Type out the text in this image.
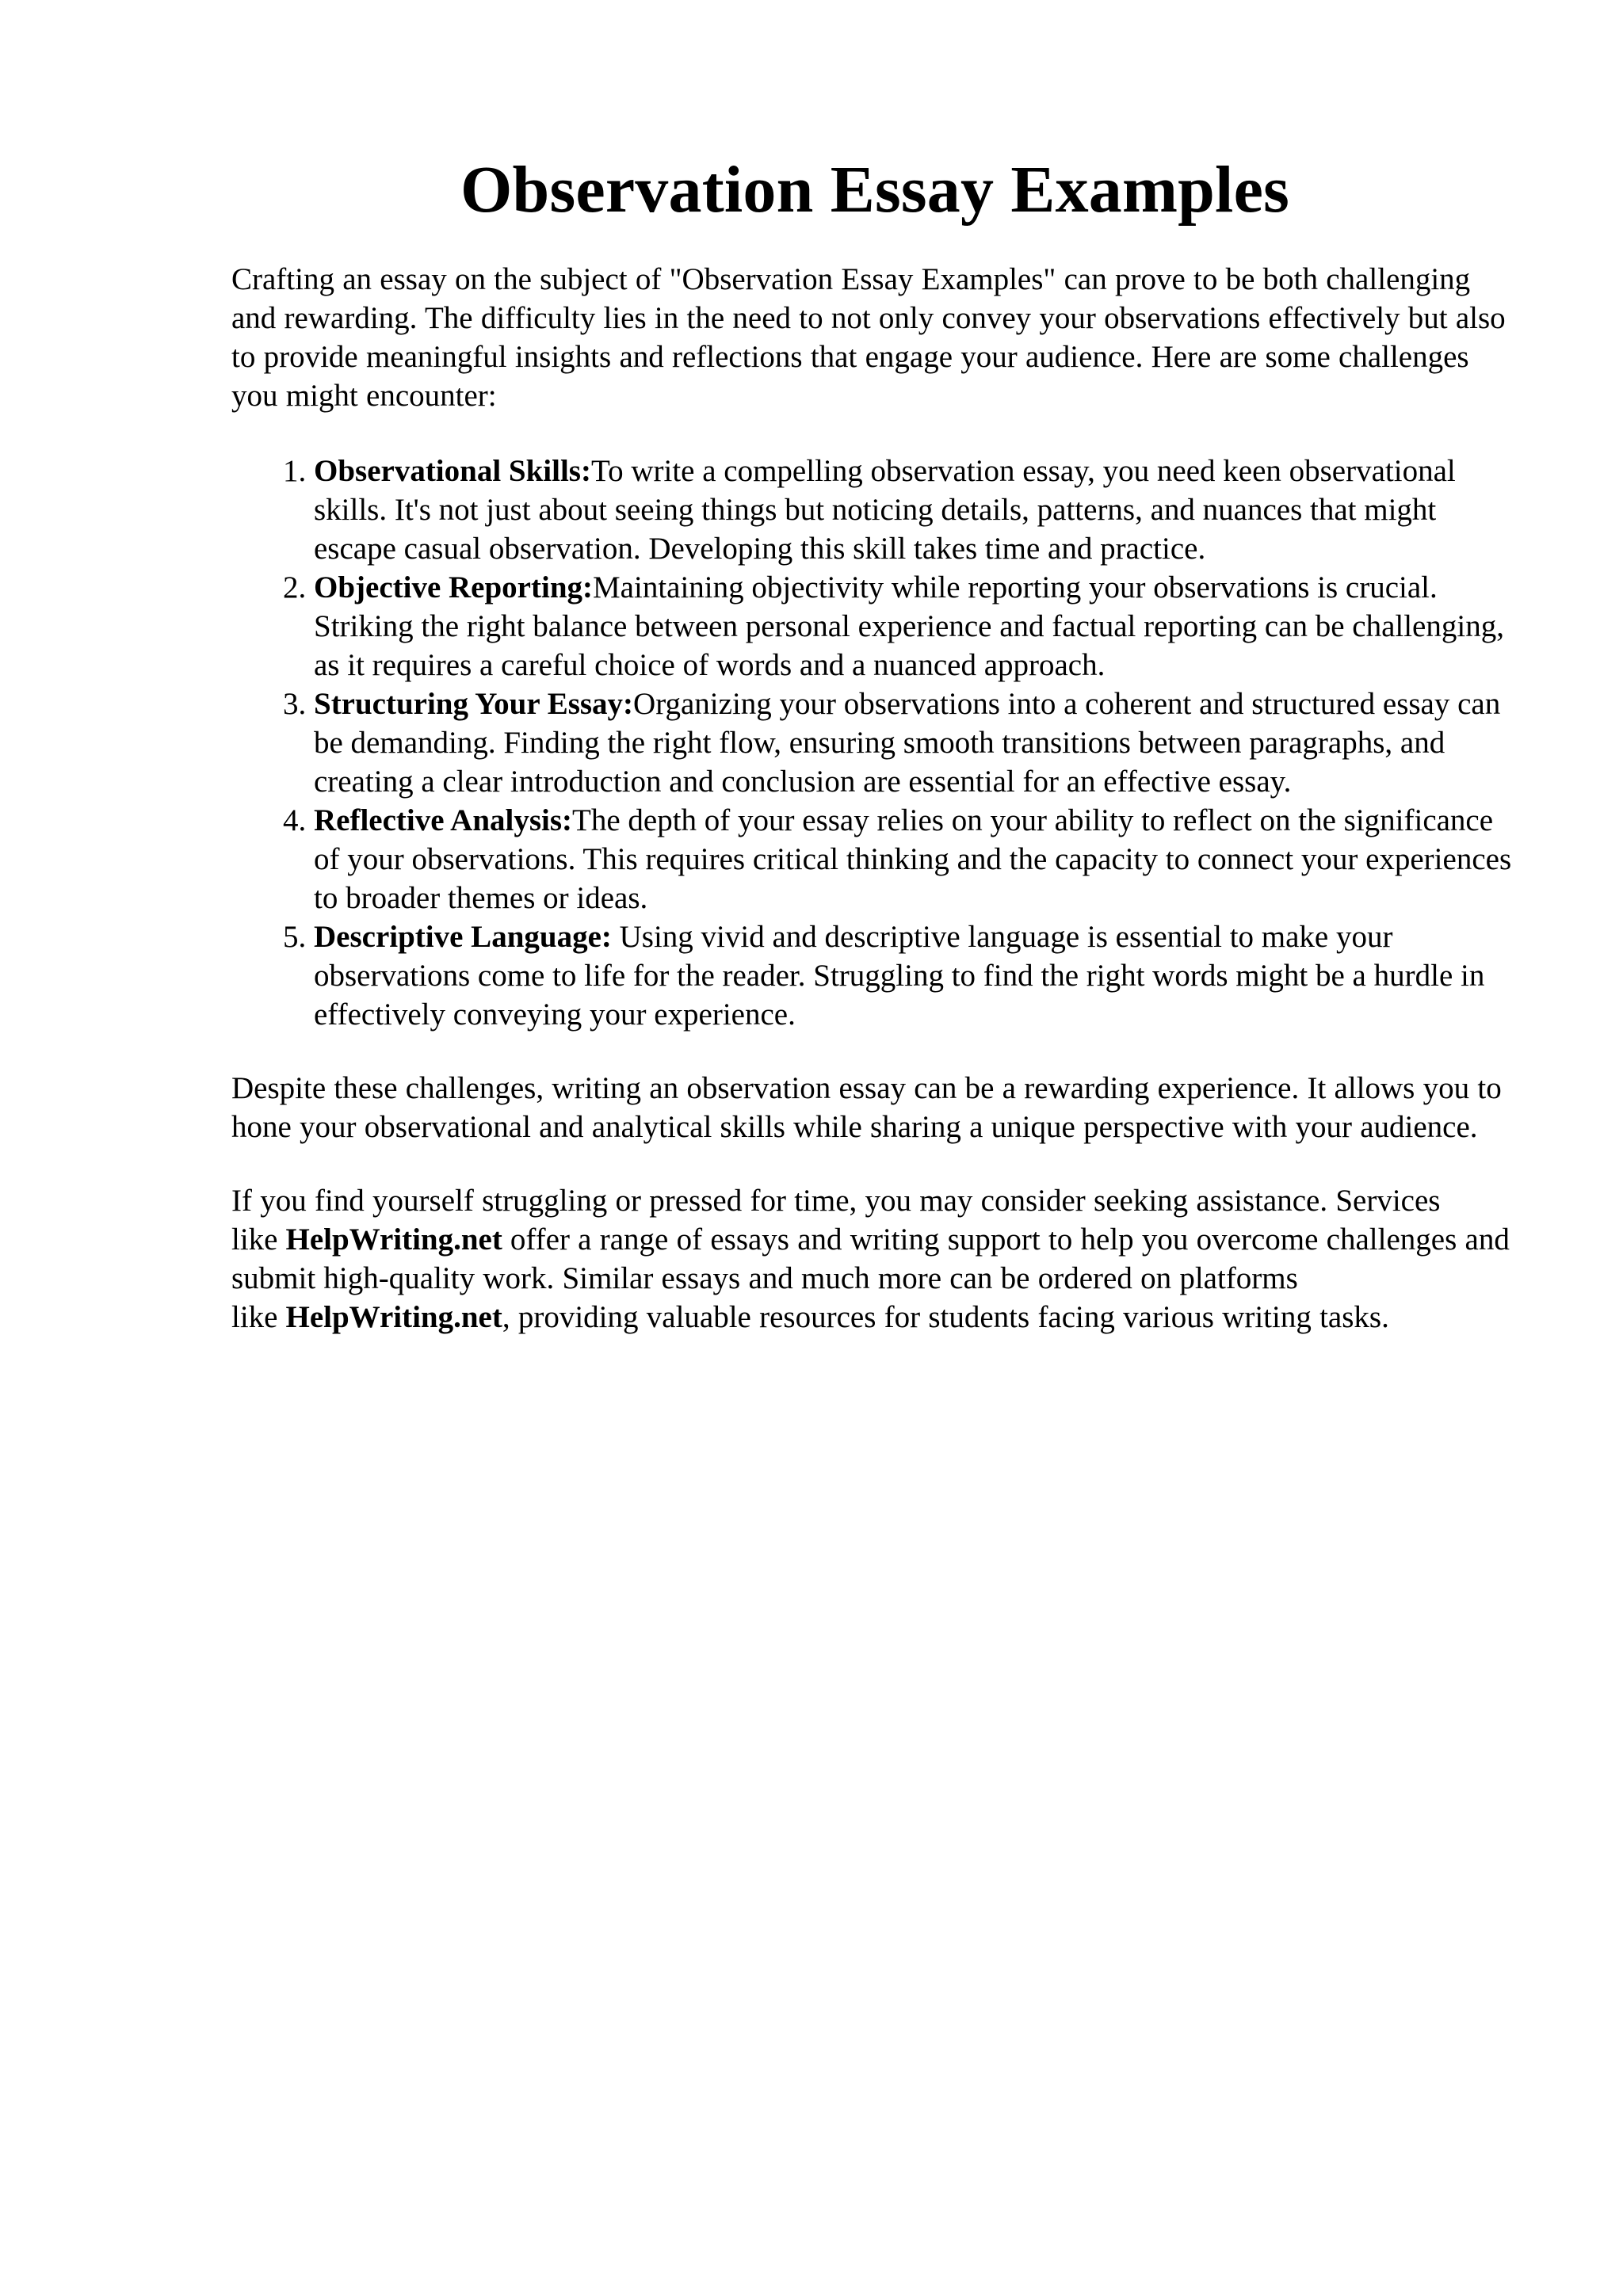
Observation Essay Examples

Crafting an essay on the subject of "Observation Essay Examples" can prove to be both challenging and rewarding. The difficulty lies in the need to not only convey your observations effectively but also to provide meaningful insights and reflections that engage your audience. Here are some challenges you might encounter:

1. Observational Skills:To write a compelling observation essay, you need keen observational skills. It's not just about seeing things but noticing details, patterns, and nuances that might escape casual observation. Developing this skill takes time and practice.
2. Objective Reporting:Maintaining objectivity while reporting your observations is crucial. Striking the right balance between personal experience and factual reporting can be challenging, as it requires a careful choice of words and a nuanced approach.
3. Structuring Your Essay:Organizing your observations into a coherent and structured essay can be demanding. Finding the right flow, ensuring smooth transitions between paragraphs, and creating a clear introduction and conclusion are essential for an effective essay.
4. Reflective Analysis:The depth of your essay relies on your ability to reflect on the significance of your observations. This requires critical thinking and the capacity to connect your experiences to broader themes or ideas.
5. Descriptive Language: Using vivid and descriptive language is essential to make your observations come to life for the reader. Struggling to find the right words might be a hurdle in effectively conveying your experience.

Despite these challenges, writing an observation essay can be a rewarding experience. It allows you to hone your observational and analytical skills while sharing a unique perspective with your audience.

If you find yourself struggling or pressed for time, you may consider seeking assistance. Services like HelpWriting.net offer a range of essays and writing support to help you overcome challenges and submit high-quality work. Similar essays and much more can be ordered on platforms like HelpWriting.net, providing valuable resources for students facing various writing tasks.
